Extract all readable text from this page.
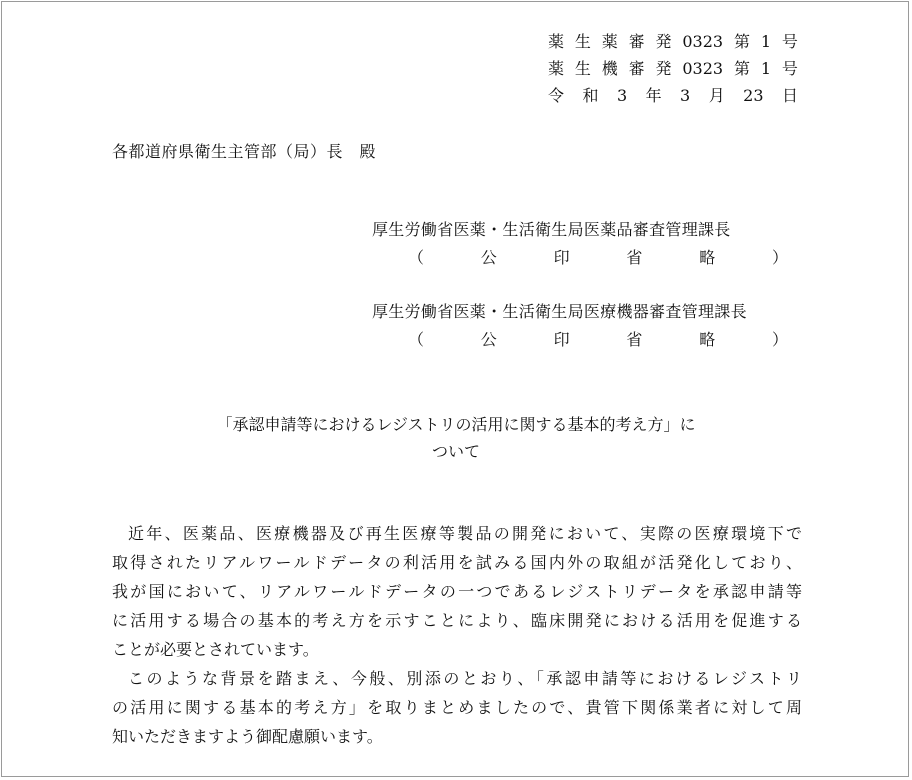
薬 生 薬 審 発 0323 第 1 号
薬 生 機 審 発 0323 第 1 号
令 和 3 年 3 月 23 日
各都道府県衛生主管部（局）長　殿
厚生労働省医薬・生活衛生局医薬品審査管理課長
（	公	印	省	略	）
厚生労働省医薬・生活衛生局医療機器審査管理課長
（	公	印	省	略	）
「承認申請等におけるレジストリの活用に関する基本的考え方」に
ついて
近年、医薬品、医療機器及び再生医療等製品の開発において、実際の医療環境下で
取得されたリアルワールドデータの利活用を試みる国内外の取組が活発化しており、
我が国において、リアルワールドデータの一つであるレジストリデータを承認申請等
に活用する場合の基本的考え方を示すことにより、臨床開発における活用を促進する
ことが必要とされています。
このような背景を踏まえ、今般、別添のとおり、「承認申請等におけるレジストリ
の活用に関する基本的考え方」を取りまとめましたので、貴管下関係業者に対して周
知いただきますよう御配慮願います。
